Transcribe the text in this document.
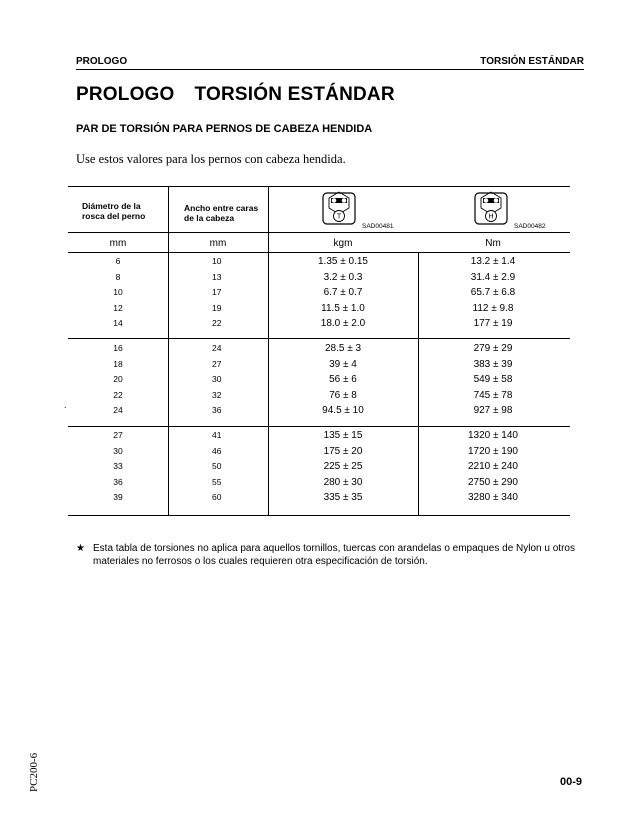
PROLOGO	TORSIÓN ESTÁNDAR
PROLOGO TORSIÓN ESTÁNDAR
PAR DE TORSIÓN PARA PERNOS DE CABEZA HENDIDA
Use estos valores para los pernos con cabeza hendida.
Diámetro de la
rosca del perno
Ancho entre caras
de la cabeza	T
SAD00481
H
SAD00482
mm	mm	kgm	Nm
6	10	1.35 ± 0.15	13.2 ± 1.4
8	13	3.2 ± 0.3	31.4 ± 2.9
10	17	6.7 ± 0.7	65.7 ± 6.8
12	19	11.5 ± 1.0	112 ± 9.8
14	22	18.0 ± 2.0	177 ± 19
16	24	28.5 ± 3	279 ± 29
18	27	39 ± 4	383 ± 39
20	30	56 ± 6	549 ± 58
22	32	76 ± 8	745 ± 78
24	36	94.5 ± 10	927 ± 98
27	41	135 ± 15	1320 ± 140
30	46	175 ± 20	1720 ± 190
33	50	225 ± 25	2210 ± 240
36	55	280 ± 30	2750 ± 290
39	60	335 ± 35	3280 ± 340
.
★ Esta tabla de torsiones no aplica para aquellos tornillos, tuercas con arandelas o empaques de Nylon u otros materiales no ferrosos o los cuales requieren otra especificación de torsión.
PC200-6	00-9
